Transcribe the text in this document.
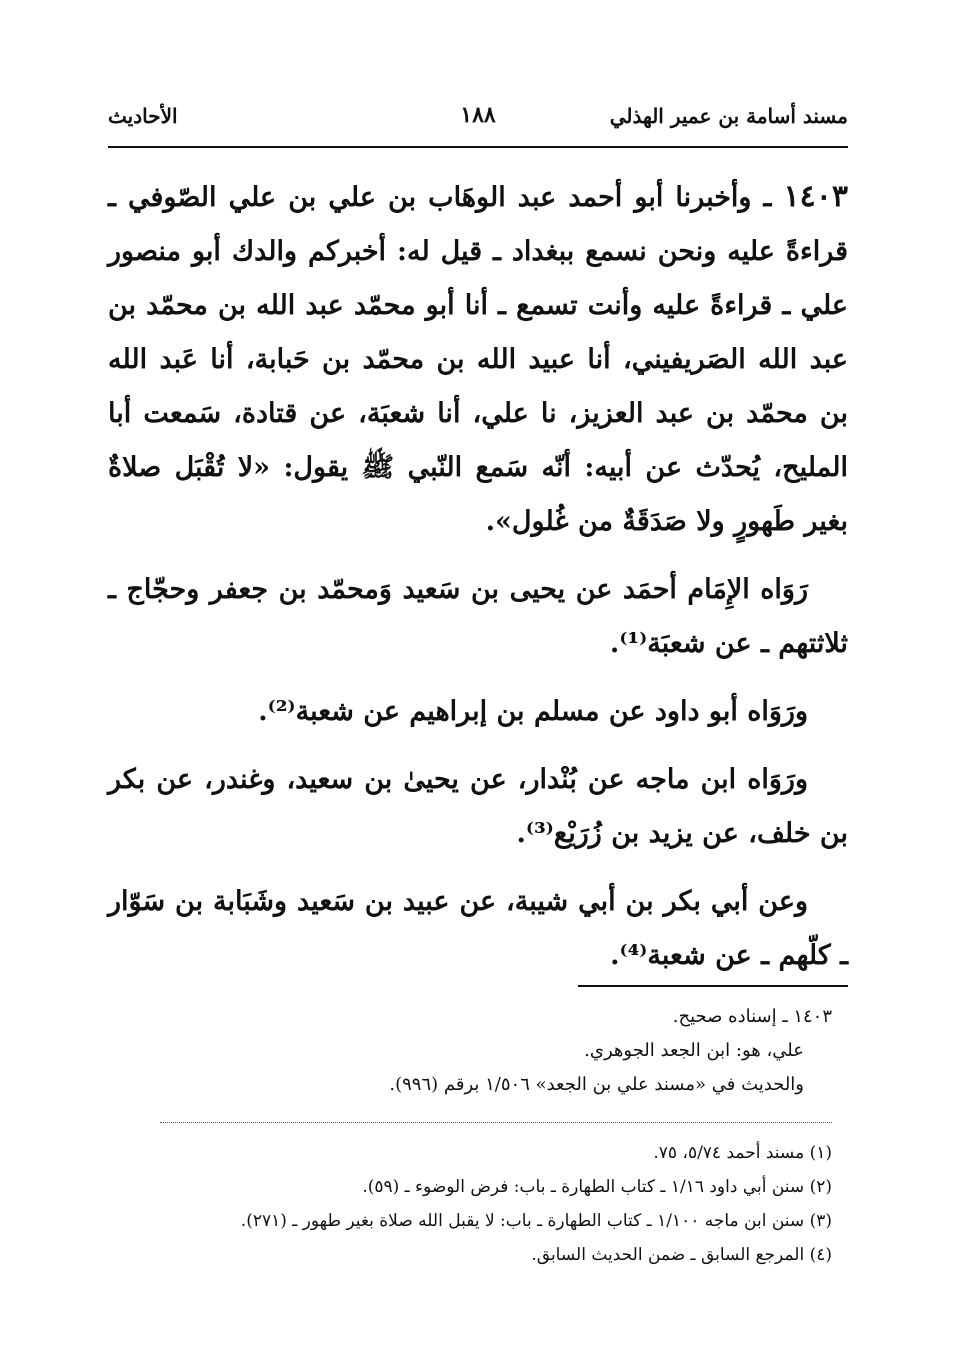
مسند أسامة بن عمير الهذلي
١٨٨
الأحاديث

١٤٠٣ ـ وأخبرنا أبو أحمد عبد الوهَاب بن علي بن علي الصّوفي ـ قراءةً عليه ونحن نسمع ببغداد ـ قيل له: أخبركم والدك أبو منصور علي ـ قراءةً عليه وأنت تسمع ـ أنا أبو محمّد عبد الله بن محمّد بن عبد الله الصَريفيني، أنا عبيد الله بن محمّد بن حَبابة، أنا عَبد الله بن محمّد بن عبد العزيز، نا علي، أنا شعبَة، عن قتادة، سَمعت أبا المليح، يُحدّث عن أبيه: أنّه سَمع النّبي ﷺ يقول: «لا تُقْبَل صلاةٌ بغير طَهورٍ ولا صَدَقَةٌ من غُلول».

رَوَاه الإِمَام أحمَد عن يحيى بن سَعيد وَمحمّد بن جعفر وحجّاج ـ ثلاثتهم ـ عن شعبَة⁽¹⁾.

ورَوَاه أبو داود عن مسلم بن إبراهيم عن شعبة⁽²⁾.

ورَوَاه ابن ماجه عن بُنْدار، عن يحيىٰ بن سعيد، وغندر، عن بكر بن خلف، عن يزيد بن زُرَيْع⁽³⁾.

وعن أبي بكر بن أبي شيبة، عن عبيد بن سَعيد وشَبَابة بن سَوّار ـ كلّهم ـ عن شعبة⁽⁴⁾.

١٤٠٣ ـ إسناده صحيح.

علي، هو: ابن الجعد الجوهري.

والحديث في «مسند علي بن الجعد» ١/٥٠٦ برقم (٩٩٦).

(١) مسند أحمد ٥/٧٤، ٧٥.

(٢) سنن أبي داود ١/١٦ ـ كتاب الطهارة ـ باب: فرض الوضوء ـ (٥٩).

(٣) سنن ابن ماجه ١/١٠٠ ـ كتاب الطهارة ـ باب: لا يقبل الله صلاة بغير طهور ـ (٢٧١).

(٤) المرجع السابق ـ ضمن الحديث السابق.
